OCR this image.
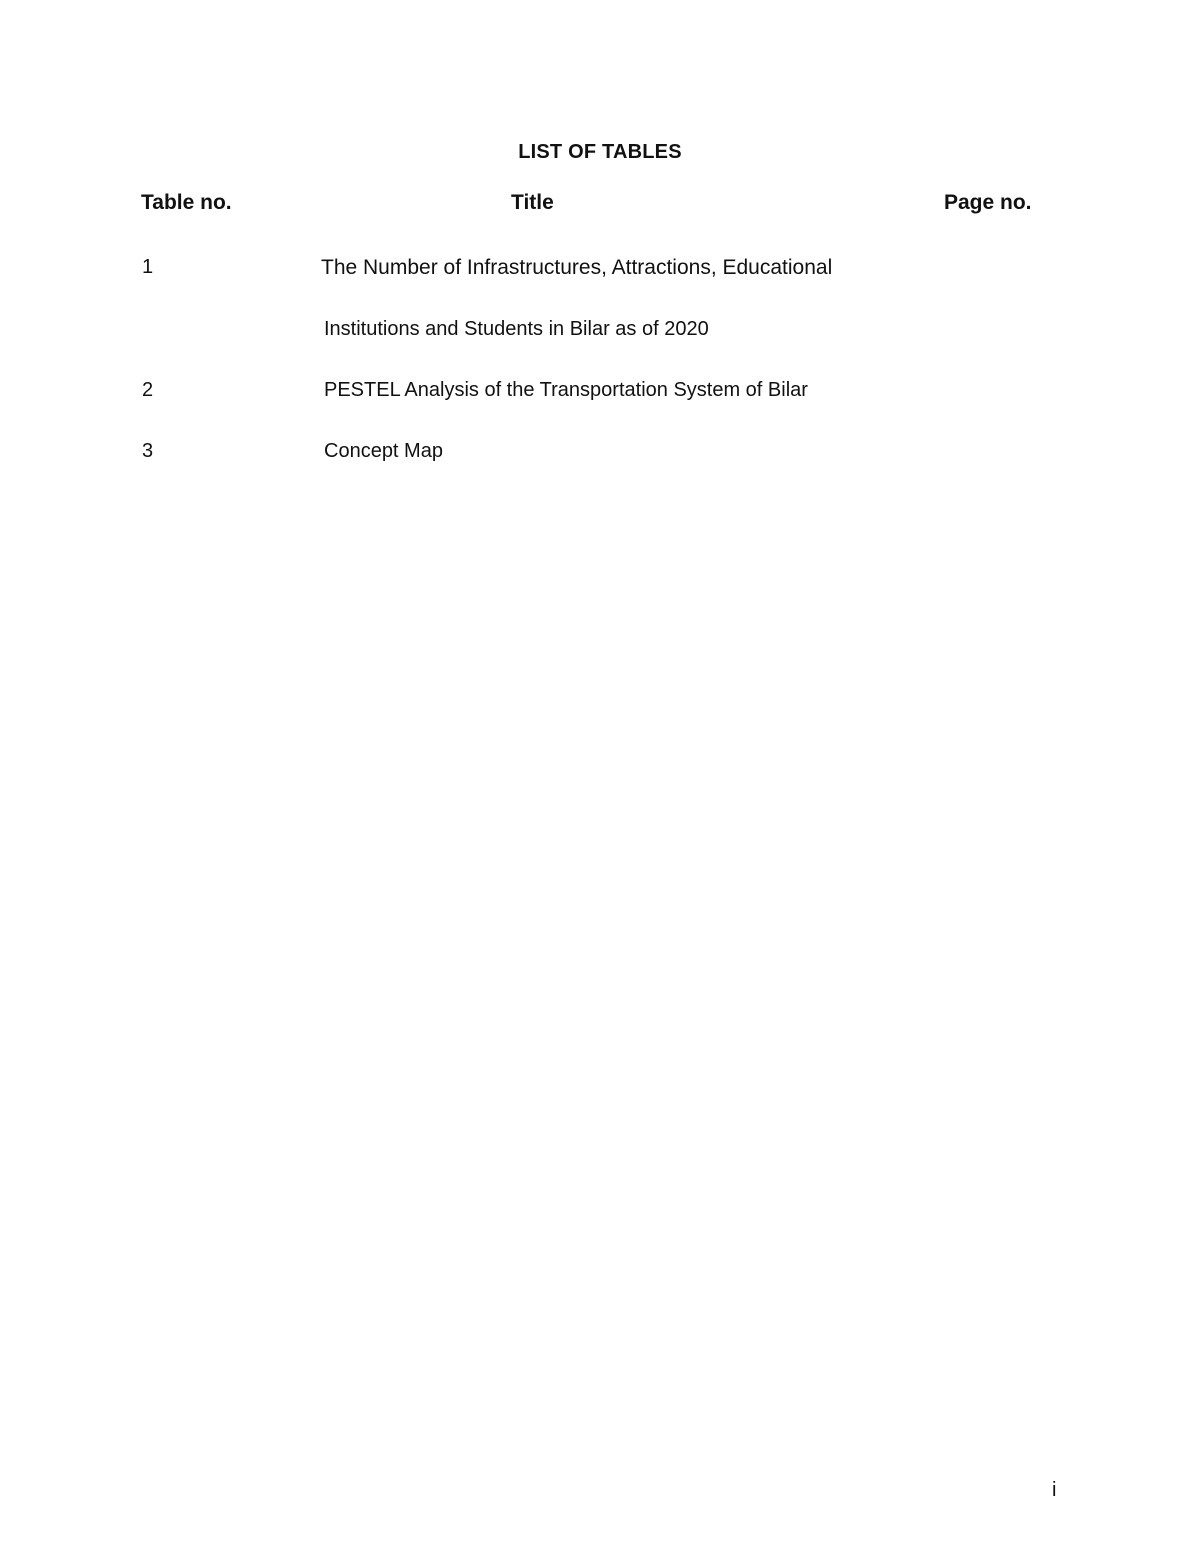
LIST OF TABLES
Table no.	Title	Page no.
1	The Number of Infrastructures, Attractions, Educational
Institutions and Students in Bilar as of 2020
2	PESTEL Analysis of the Transportation System of Bilar
3	Concept Map
i
